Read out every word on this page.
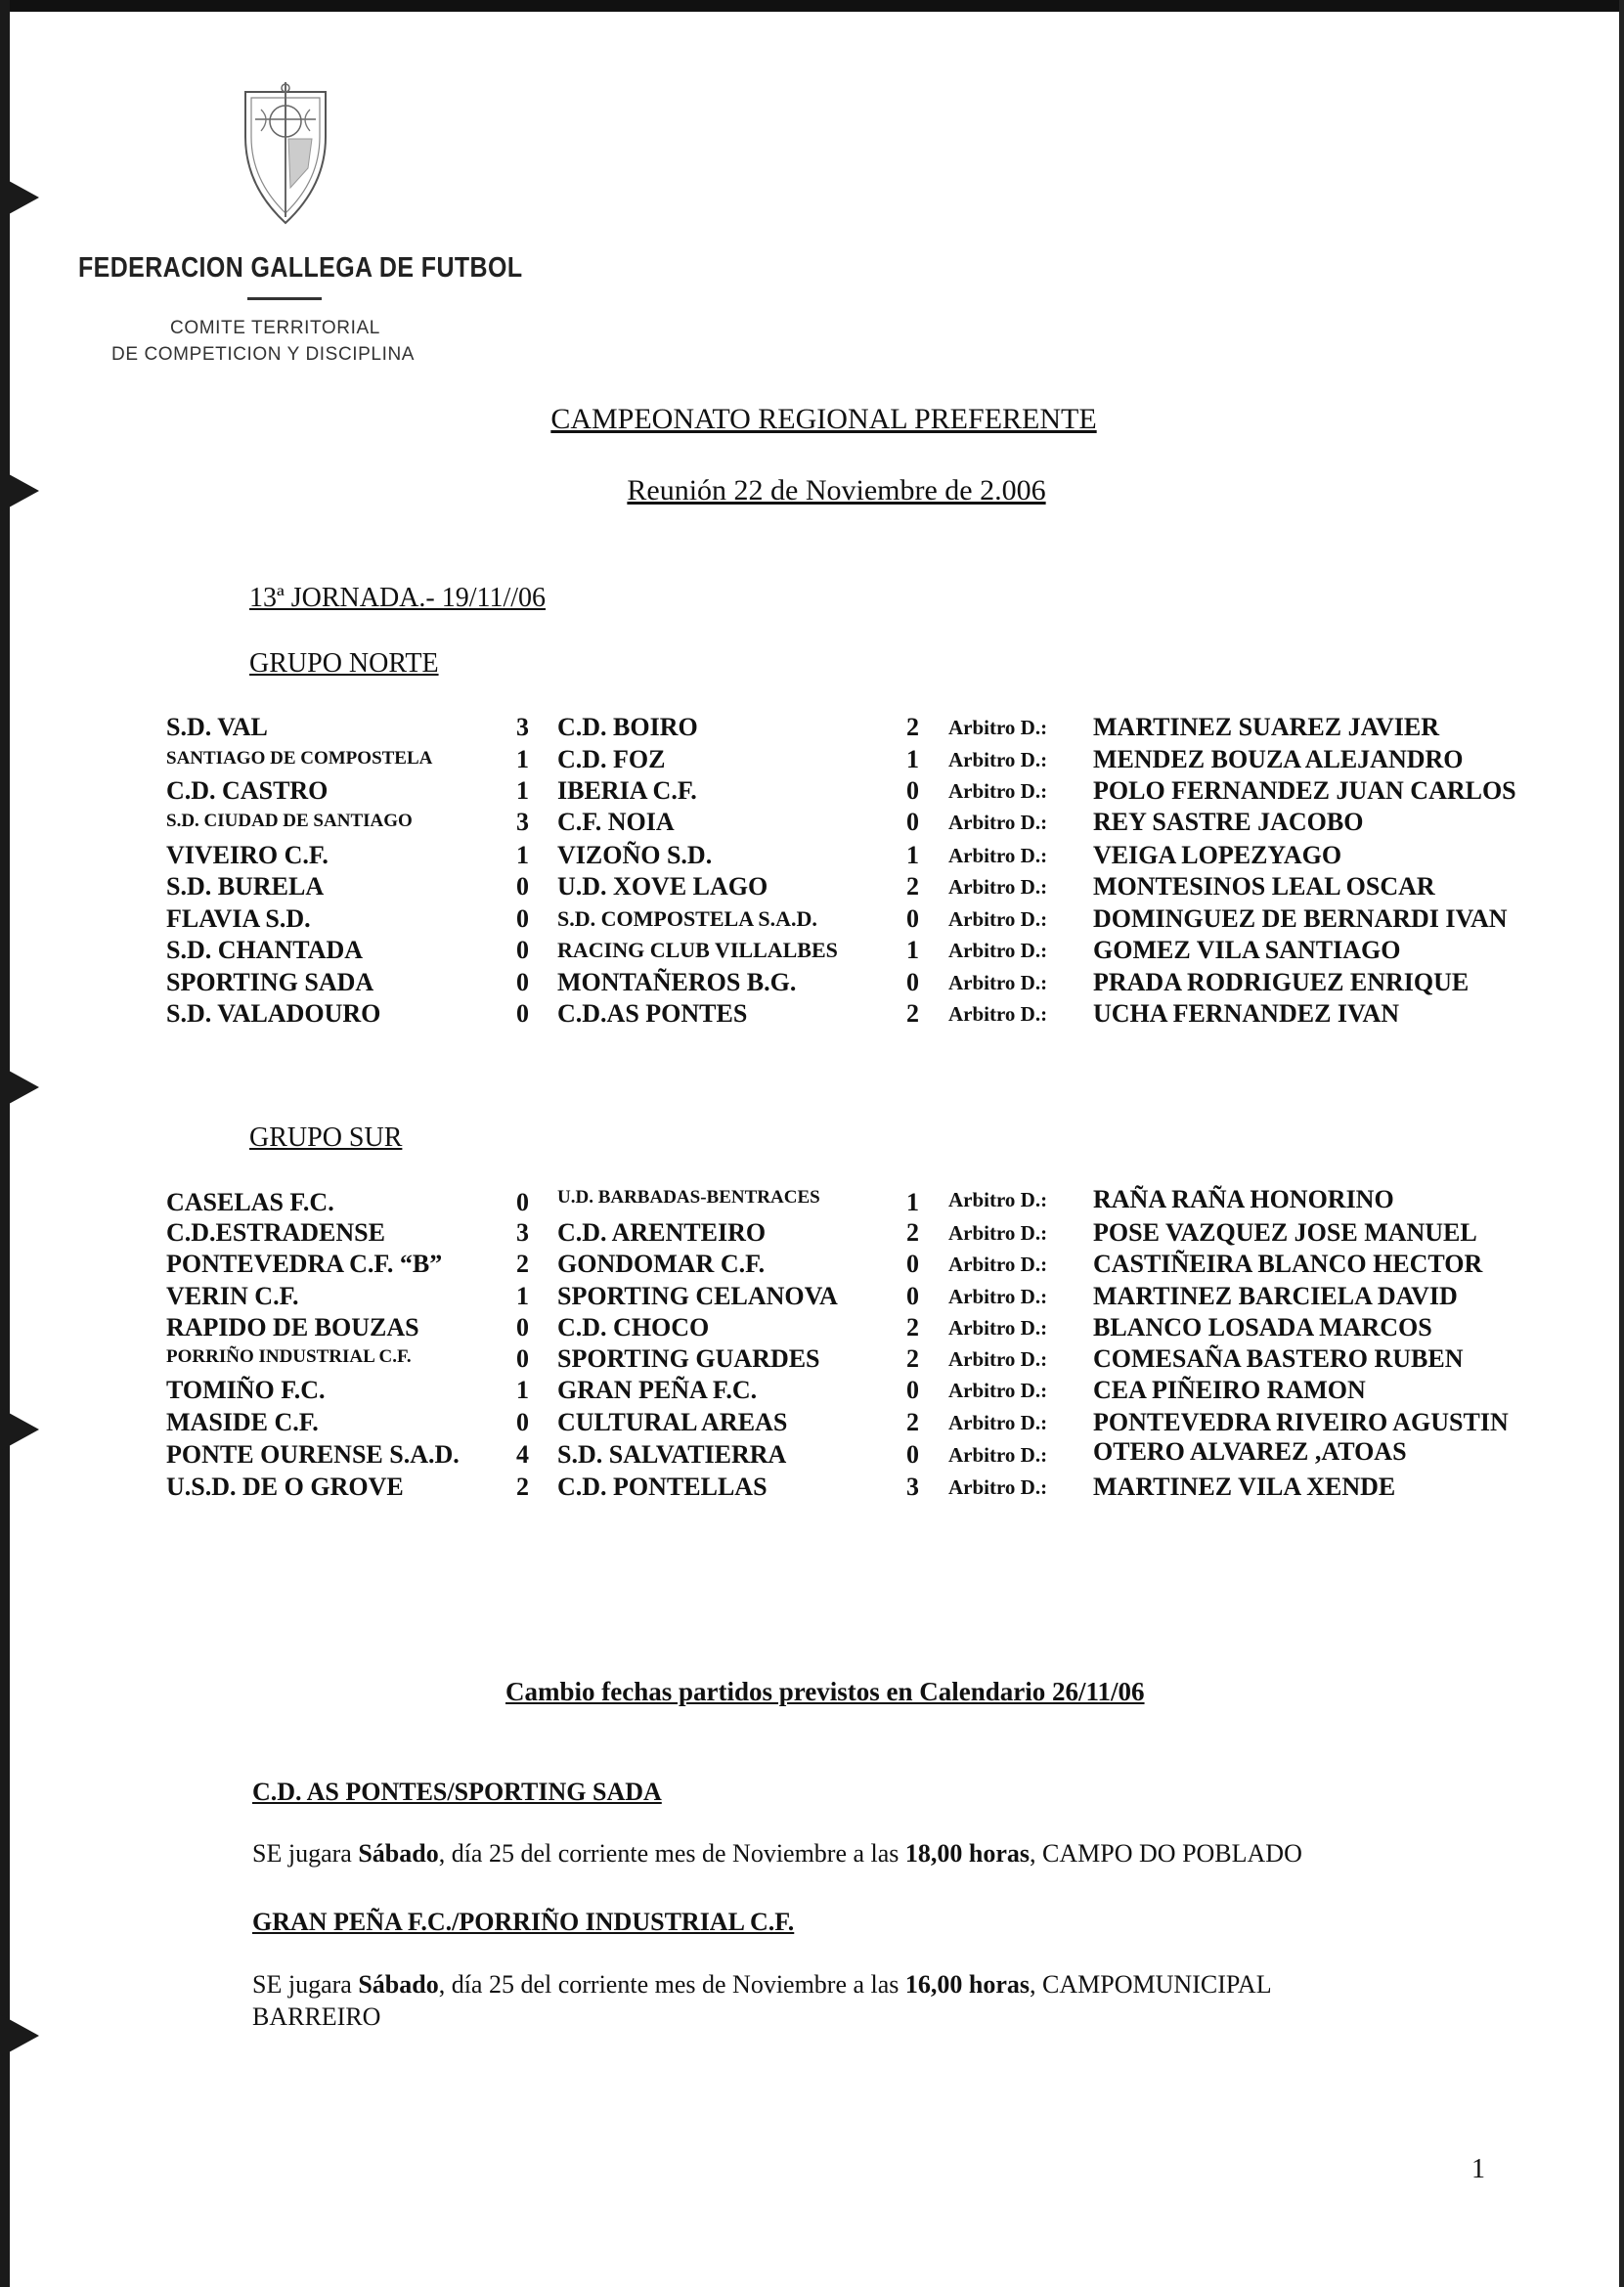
FEDERACION GALLEGA DE FUTBOL
COMITE TERRITORIAL
DE COMPETICION Y DISCIPLINA
CAMPEONATO REGIONAL PREFERENTE
Reunión 22 de Noviembre de 2.006
13ª JORNADA.- 19/11//06
GRUPO NORTE
S.D. VAL	3 C.D. BOIRO	2 Arbitro D.: MARTINEZ SUAREZ JAVIER
SANTIAGO DE COMPOSTELA	1 C.D. FOZ	1 Arbitro D.: MENDEZ BOUZA ALEJANDRO
C.D. CASTRO	1 IBERIA C.F.	0 Arbitro D.: POLO FERNANDEZ JUAN CARLOS
S.D. CIUDAD DE SANTIAGO	3 C.F. NOIA	0 Arbitro D.: REY SASTRE JACOBO
VIVEIRO C.F.	1 VIZOÑO S.D.	1 Arbitro D.: VEIGA LOPEZYAGO
S.D. BURELA	0 U.D. XOVE LAGO	2 Arbitro D.: MONTESINOS LEAL OSCAR
FLAVIA S.D.	0 S.D. COMPOSTELA S.A.D.	0 Arbitro D.: DOMINGUEZ DE BERNARDI IVAN
S.D. CHANTADA	0 RACING CLUB VILLALBES	1 Arbitro D.: GOMEZ VILA SANTIAGO
SPORTING SADA	0 MONTAÑEROS B.G.	0 Arbitro D.: PRADA RODRIGUEZ ENRIQUE
S.D. VALADOURO	0 C.D.AS PONTES	2 Arbitro D.: UCHA FERNANDEZ IVAN
GRUPO SUR
CASELAS F.C.	0 U.D. BARBADAS-BENTRACES	1 Arbitro D.: RAÑA RAÑA HONORINO
C.D.ESTRADENSE	3 C.D. ARENTEIRO	2 Arbitro D.: POSE VAZQUEZ JOSE MANUEL
PONTEVEDRA C.F. “B”	2 GONDOMAR C.F.	0 Arbitro D.: CASTIÑEIRA BLANCO HECTOR
VERIN C.F.	1 SPORTING CELANOVA	0 Arbitro D.: MARTINEZ BARCIELA DAVID
RAPIDO DE BOUZAS	0 C.D. CHOCO	2 Arbitro D.: BLANCO LOSADA MARCOS
PORRIÑO INDUSTRIAL C.F.	0 SPORTING GUARDES	2 Arbitro D.: COMESAÑA BASTERO RUBEN
TOMIÑO F.C.	1 GRAN PEÑA F.C.	0 Arbitro D.: CEA PIÑEIRO RAMON
MASIDE C.F.	0 CULTURAL AREAS	2 Arbitro D.: PONTEVEDRA RIVEIRO AGUSTIN
PONTE OURENSE S.A.D. 4 S.D. SALVATIERRA	0 Arbitro D.: OTERO ALVAREZ ,ATOAS
U.S.D. DE O GROVE	2 C.D. PONTELLAS	3 Arbitro D.: MARTINEZ VILA XENDE
Cambio fechas partidos previstos en Calendario 26/11/06
C.D. AS PONTES/SPORTING SADA
SE jugara Sábado, día 25 del corriente mes de Noviembre a las 18,00 horas, CAMPO DO POBLADO
GRAN PEÑA F.C./PORRIÑO INDUSTRIAL C.F.
SE jugara Sábado, día 25 del corriente mes de Noviembre a las 16,00 horas, CAMPOMUNICIPAL
BARREIRO
1
